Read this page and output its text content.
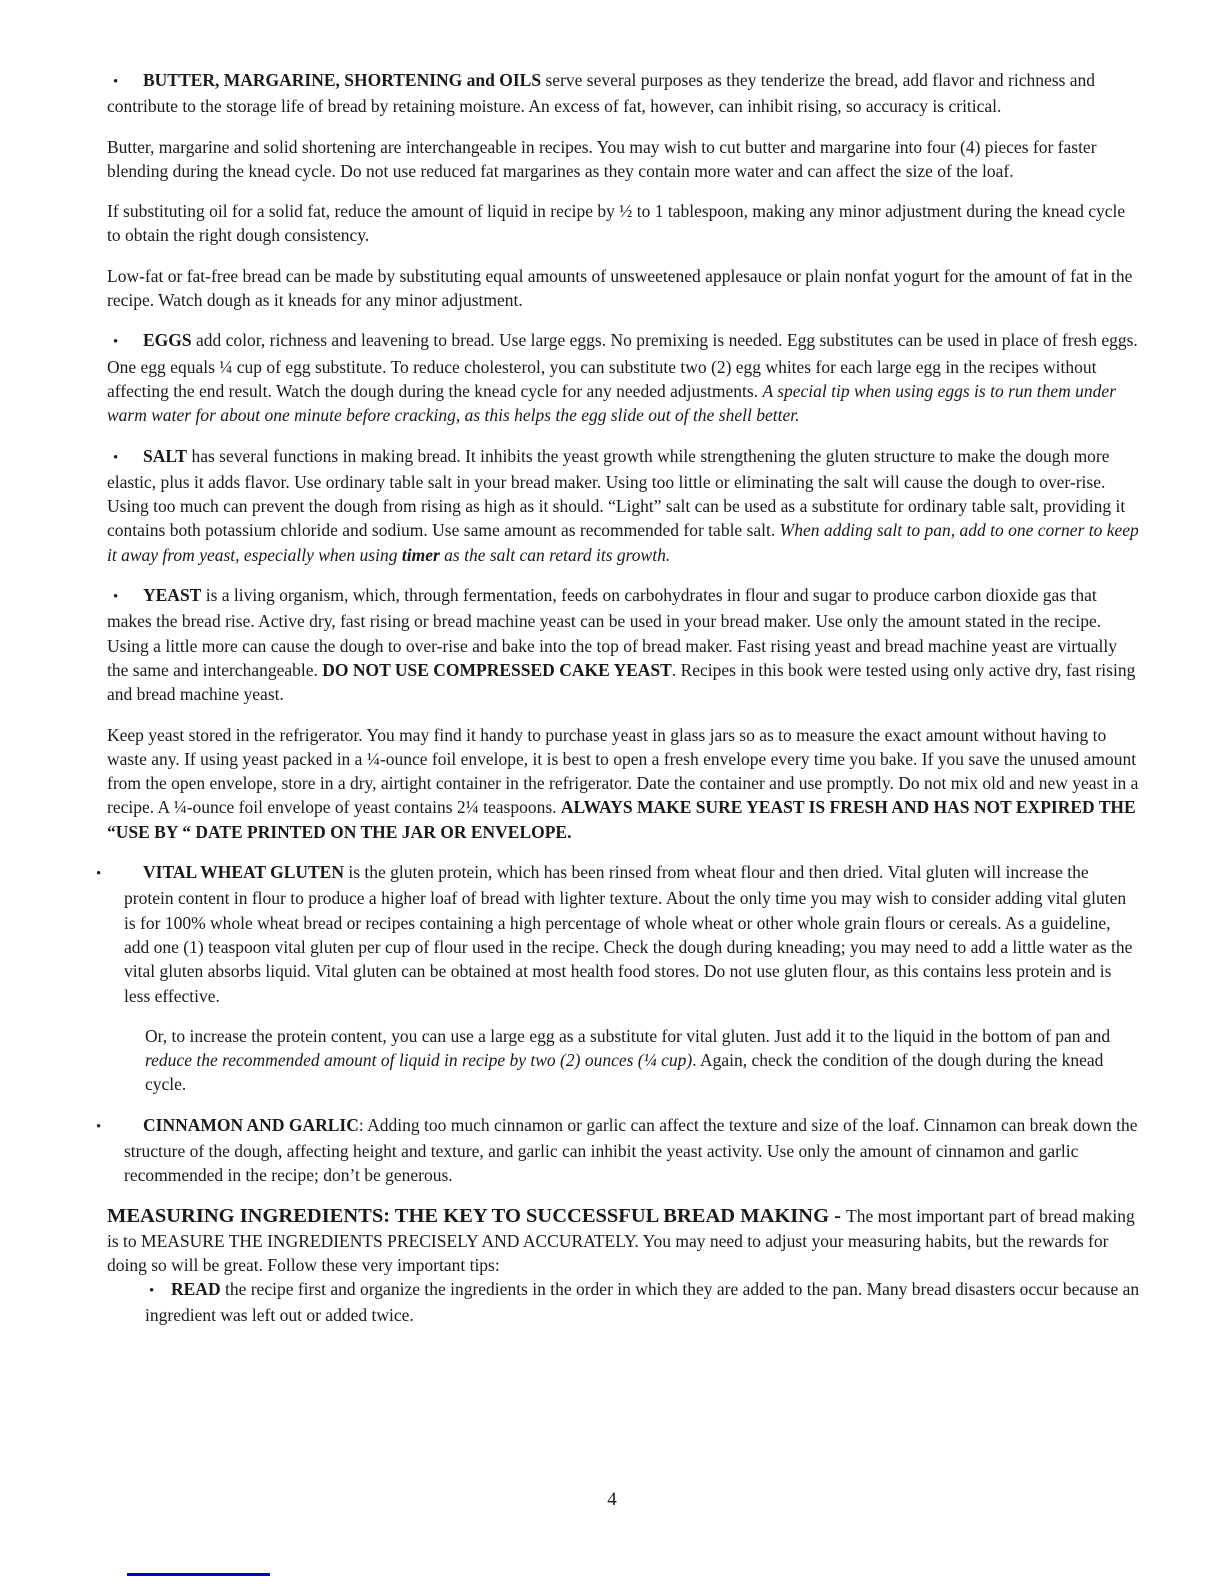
• BUTTER, MARGARINE, SHORTENING and OILS serve several purposes as they tenderize the bread, add flavor and richness and contribute to the storage life of bread by retaining moisture. An excess of fat, however, can inhibit rising, so accuracy is critical.

Butter, margarine and solid shortening are interchangeable in recipes. You may wish to cut butter and margarine into four (4) pieces for faster blending during the knead cycle. Do not use reduced fat margarines as they contain more water and can affect the size of the loaf.

If substituting oil for a solid fat, reduce the amount of liquid in recipe by ½ to 1 tablespoon, making any minor adjustment during the knead cycle to obtain the right dough consistency.

Low-fat or fat-free bread can be made by substituting equal amounts of unsweetened applesauce or plain nonfat yogurt for the amount of fat in the recipe. Watch dough as it kneads for any minor adjustment.

• EGGS add color, richness and leavening to bread. Use large eggs. No premixing is needed. Egg substitutes can be used in place of fresh eggs. One egg equals ¼ cup of egg substitute. To reduce cholesterol, you can substitute two (2) egg whites for each large egg in the recipes without affecting the end result. Watch the dough during the knead cycle for any needed adjustments. A special tip when using eggs is to run them under warm water for about one minute before cracking, as this helps the egg slide out of the shell better.

• SALT has several functions in making bread. It inhibits the yeast growth while strengthening the gluten structure to make the dough more elastic, plus it adds flavor. Use ordinary table salt in your bread maker. Using too little or eliminating the salt will cause the dough to over-rise. Using too much can prevent the dough from rising as high as it should. “Light” salt can be used as a substitute for ordinary table salt, providing it contains both potassium chloride and sodium. Use same amount as recommended for table salt. When adding salt to pan, add to one corner to keep it away from yeast, especially when using timer as the salt can retard its growth.

• YEAST is a living organism, which, through fermentation, feeds on carbohydrates in flour and sugar to produce carbon dioxide gas that makes the bread rise. Active dry, fast rising or bread machine yeast can be used in your bread maker. Use only the amount stated in the recipe. Using a little more can cause the dough to over-rise and bake into the top of bread maker. Fast rising yeast and bread machine yeast are virtually the same and interchangeable. DO NOT USE COMPRESSED CAKE YEAST. Recipes in this book were tested using only active dry, fast rising and bread machine yeast.

Keep yeast stored in the refrigerator. You may find it handy to purchase yeast in glass jars so as to measure the exact amount without having to waste any. If using yeast packed in a ¼-ounce foil envelope, it is best to open a fresh envelope every time you bake. If you save the unused amount from the open envelope, store in a dry, airtight container in the refrigerator. Date the container and use promptly. Do not mix old and new yeast in a recipe. A ¼-ounce foil envelope of yeast contains 2¼ teaspoons. ALWAYS MAKE SURE YEAST IS FRESH AND HAS NOT EXPIRED THE “USE BY “ DATE PRINTED ON THE JAR OR ENVELOPE.

• VITAL WHEAT GLUTEN is the gluten protein, which has been rinsed from wheat flour and then dried. Vital gluten will increase the protein content in flour to produce a higher loaf of bread with lighter texture. About the only time you may wish to consider adding vital gluten is for 100% whole wheat bread or recipes containing a high percentage of whole wheat or other whole grain flours or cereals. As a guideline, add one (1) teaspoon vital gluten per cup of flour used in the recipe. Check the dough during kneading; you may need to add a little water as the vital gluten absorbs liquid. Vital gluten can be obtained at most health food stores. Do not use gluten flour, as this contains less protein and is less effective.

Or, to increase the protein content, you can use a large egg as a substitute for vital gluten. Just add it to the liquid in the bottom of pan and reduce the recommended amount of liquid in recipe by two (2) ounces (¼ cup). Again, check the condition of the dough during the knead cycle.

• CINNAMON AND GARLIC: Adding too much cinnamon or garlic can affect the texture and size of the loaf. Cinnamon can break down the structure of the dough, affecting height and texture, and garlic can inhibit the yeast activity. Use only the amount of cinnamon and garlic recommended in the recipe; don’t be generous.

MEASURING INGREDIENTS: THE KEY TO SUCCESSFUL BREAD MAKING - The most important part of bread making is to MEASURE THE INGREDIENTS PRECISELY AND ACCURATELY. You may need to adjust your measuring habits, but the rewards for doing so will be great. Follow these very important tips:

• READ the recipe first and organize the ingredients in the order in which they are added to the pan. Many bread disasters occur because an ingredient was left out or added twice.

4
